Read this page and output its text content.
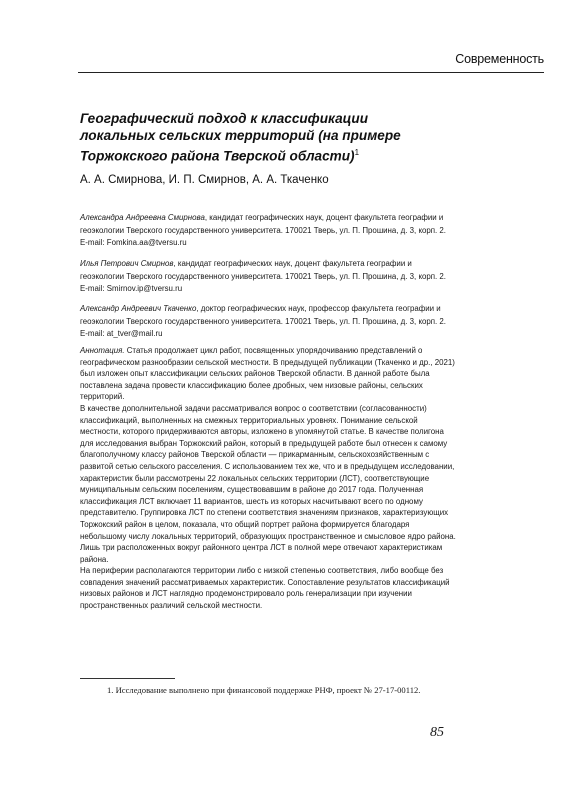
Современность
Географический подход к классификации локальных сельских территорий (на примере Торжокского района Тверской области)$^1$
А. А. Смирнова, И. П. Смирнов, А. А. Ткаченко
Александра Андреевна Смирнова, кандидат географических наук, доцент факультета географии и геоэкологии Тверского государственного университета. 170021 Тверь, ул. П. Прошина, д. 3, корп. 2. E-mail: Fomkina.aa@tversu.ru
Илья Петрович Смирнов, кандидат географических наук, доцент факультета географии и геоэкологии Тверского государственного университета. 170021 Тверь, ул. П. Прошина, д. 3, корп. 2. E-mail: Smirnov.ip@tversu.ru
Александр Андреевич Ткаченко, доктор географических наук, профессор факультета географии и геоэкологии Тверского государственного университета. 170021 Тверь, ул. П. Прошина, д. 3, корп. 2. E-mail: at_tver@mail.ru

Аннотация. Статья продолжает цикл работ, посвященных упорядочиванию представлений о географическом разнообразии сельской местности. В предыдущей публикации (Ткаченко и др., 2021) был изложен опыт классификации сельских районов Тверской области. В данной работе была поставлена задача провести классификацию более дробных, чем низовые районы, сельских территорий.

В качестве дополнительной задачи рассматривался вопрос о соответствии (согласованности) классификаций, выполненных на смежных территориальных уровнях. Понимание сельской местности, которого придерживаются авторы, изложено в упомянутой статье. В качестве полигона для исследования выбран Торжокский район, который в предыдущей работе был отнесен к самому благополучному классу районов Тверской области — прикарманным, сельскохозяйственным с развитой сетью сельского расселения. С использованием тех же, что и в предыдущем исследовании, характеристик были рассмотрены 22 локальных сельских территории (ЛСТ), соответствующие муниципальным сельским поселениям, существовавшим в районе до 2017 года. Полученная классификация ЛСТ включает 11 вариантов, шесть из которых насчитывают всего по одному представителю. Группировка ЛСТ по степени соответствия значениям признаков, характеризующих Торжокский район в целом, показала, что общий портрет района формируется благодаря небольшому числу локальных территорий, образующих пространственное и смысловое ядро района. Лишь три расположенных вокруг районного центра ЛСТ в полной мере отвечают характеристикам района.

На периферии располагаются территории либо с низкой степенью соответствия, либо вообще без совпадения значений рассматриваемых характеристик. Сопоставление результатов классификаций низовых районов и ЛСТ наглядно продемонстрировало роль генерализации при изучении пространственных различий сельской местности.

1. Исследование выполнено при финансовой поддержке РНФ, проект № 27-17-00112.
85
